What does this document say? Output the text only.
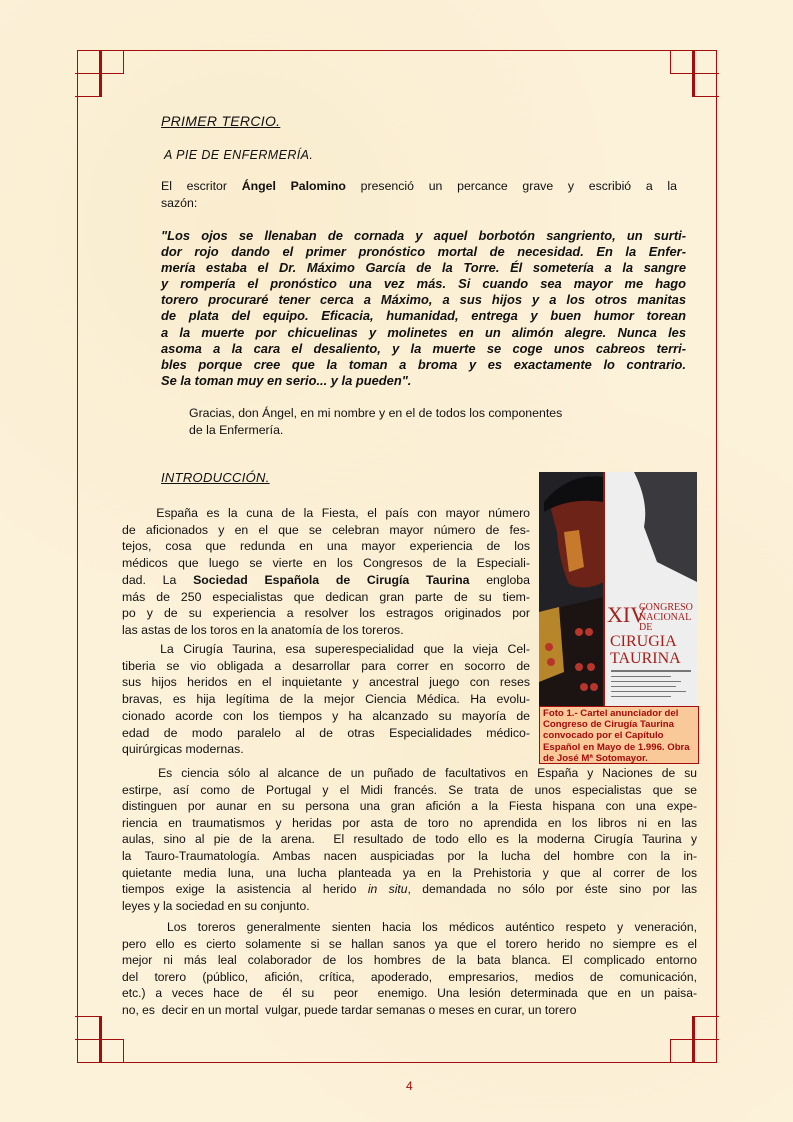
PRIMER TERCIO.
A PIE DE ENFERMERÍA.
El escritor Ángel Palomino presenció un percance grave y escribió a la
sazón:
"Los ojos se llenaban de cornada y aquel borbotón sangriento, un surti-
dor rojo dando el primer pronóstico mortal de necesidad. En la Enfer-
mería estaba el Dr. Máximo García de la Torre. Él sometería a la sangre
y rompería el pronóstico una vez más. Si cuando sea mayor me hago
torero procuraré tener cerca a Máximo, a sus hijos y a los otros manitas
de plata del equipo. Eficacia, humanidad, entrega y buen humor torean
a la muerte por chicuelinas y molinetes en un alimón alegre. Nunca les
asoma a la cara el desaliento, y la muerte se coge unos cabreos terri-
bles porque cree que la toman a broma y es exactamente lo contrario.
Se la toman muy en serio... y la pueden".
Gracias, don Ángel, en mi nombre y en el de todos los componentes
de la Enfermería.
INTRODUCCIÓN.
España es la cuna de la Fiesta, el país con mayor número
de aficionados y en el que se celebran mayor número de fes-
tejos, cosa que redunda en una mayor experiencia de los
médicos que luego se vierte en los Congresos de la Especiali-
dad. La Sociedad Española de Cirugía Taurina engloba
más de 250 especialistas que dedican gran parte de su tiem-
po y de su experiencia a resolver los estragos originados por
las astas de los toros en la anatomía de los toreros.
La Cirugía Taurina, esa superespecialidad que la vieja Cel-
tiberia se vio obligada a desarrollar para correr en socorro de
sus hijos heridos en el inquietante y ancestral juego con reses
bravas, es hija legítima de la mejor Ciencia Médica. Ha evolu-
cionado acorde con los tiempos y ha alcanzado su mayoría de
edad de modo paralelo al de otras Especialidades médico-
quirúrgicas modernas.
Es ciencia sólo al alcance de un puñado de facultativos en España y Naciones de su
estirpe, así como de Portugal y el Midi francés. Se trata de unos especialistas que se
distinguen por aunar en su persona una gran afición a la Fiesta hispana con una expe-
riencia en traumatismos y heridas por asta de toro no aprendida en los libros ni en las
aulas, sino al pie de la arena.  El resultado de todo ello es la moderna Cirugía Taurina y
la Tauro-Traumatología. Ambas nacen auspiciadas por la lucha del hombre con la in-
quietante media luna, una lucha planteada ya en la Prehistoria y que al correr de los
tiempos exige la asistencia al herido in situ, demandada no sólo por éste sino por las
leyes y la sociedad en su conjunto.
Los toreros generalmente sienten hacia los médicos auténtico respeto y veneración,
pero ello es cierto solamente si se hallan sanos ya que el torero herido no siempre es el
mejor ni más leal colaborador de los hombres de la bata blanca. El complicado entorno
del torero (público, afición, crítica, apoderado, empresarios, medios de comunicación,
etc.) a veces hace de  él su  peor  enemigo. Una lesión determinada que en un paisa-
no, es  decir en un mortal  vulgar, puede tardar semanas o meses en curar, un torero
XIV
CONGRESO
NACIONAL
DE
CIRUGIA
TAURINA
Foto 1.- Cartel anunciador del Congreso de Cirugía Taurina convocado por el Capítulo Español en Mayo de 1.996. Obra de José Mª Sotomayor.
4
